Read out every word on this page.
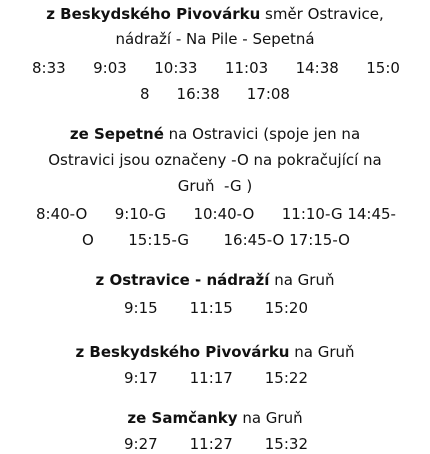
z Beskydského Pivovárku směr Ostravice,
nádraží - Na Pile - Sepetná
8:33 9:03 10:33 11:03 14:38 15:0
8 16:38 17:08
ze Sepetné na Ostravici (spoje jen na
Ostravici jsou označeny -O na pokračující na
Gruň  -G )
8:40-O 9:10-G 10:40-O 11:10-G 14:45-
O 15:15-G 16:45-O 17:15-O
z Ostravice - nádraží na Gruň
9:15 11:15 15:20
z Beskydského Pivovárku na Gruň
9:17 11:17 15:22
ze Samčanky na Gruň
9:27 11:27 15:32
